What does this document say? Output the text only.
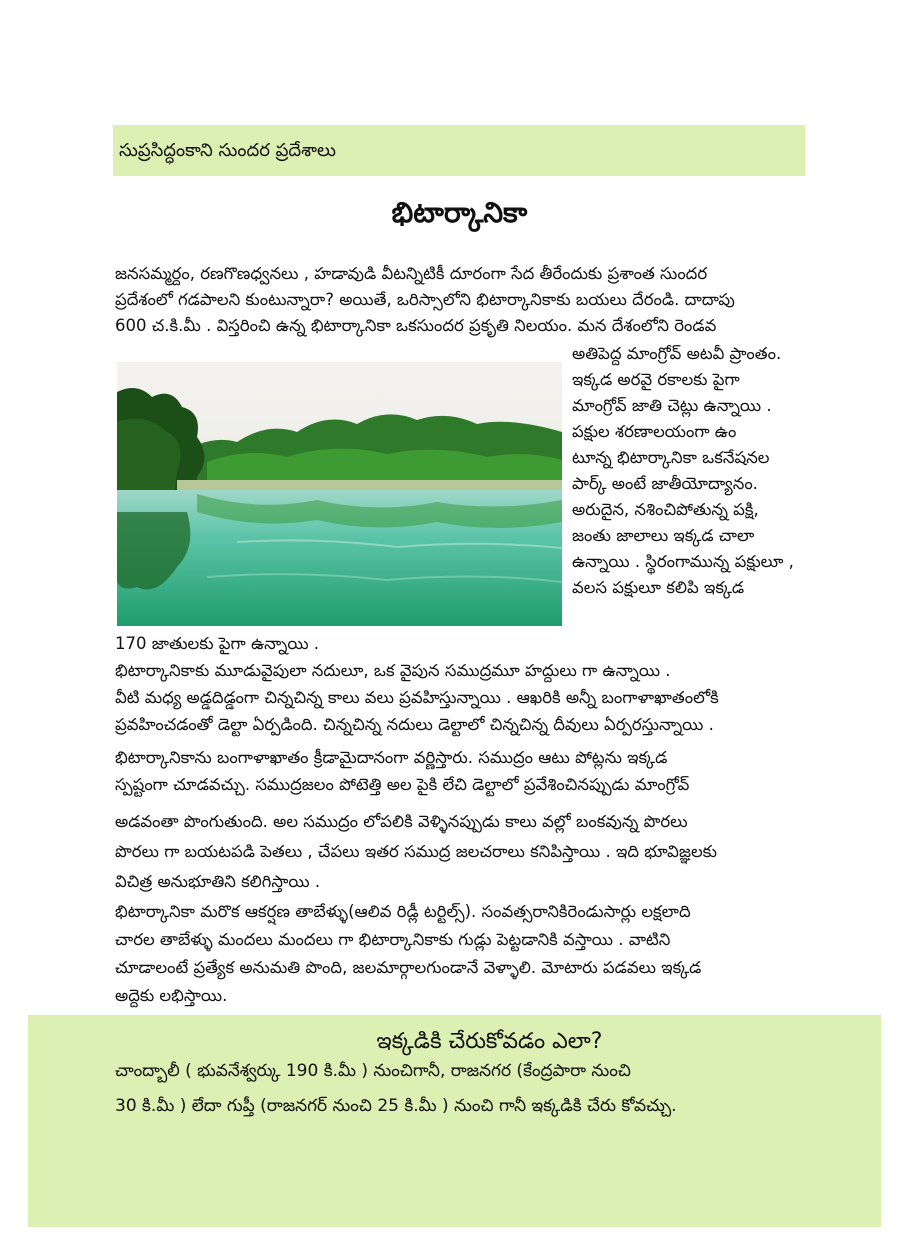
సుప్రసిద్ధంకాని సుందర ప్రదేశాలు
భిటార్కానికా
జనసమ్మర్దం, రణగొణధ్వనలు , హడావుడి వీటన్నిటికీ దూరంగా సేద తీరేందుకు ప్రశాంత సుందర
ప్రదేశంలో గడపాలని కుంటున్నారా? అయితే, ఒరిస్సాలోని భిటార్కానికాకు బయలు దేరండి. దాదాపు
600 చ.కి.మీ . విస్తరించి ఉన్న భిటార్కానికా ఒకసుందర ప్రకృతి నిలయం. మన దేశంలోని రెండవ
అతిపెద్ద మాంగ్రోవ్ అటవీ ప్రాంతం.
ఇక్కడ అరవై రకాలకు పైగా
మాంగ్రోవ్ జాతి చెట్లు ఉన్నాయి .
పక్షుల శరణాలయంగా ఉం
టూన్న భిటార్కానికా ఒకనేషనల
పార్క్ అంటే జాతీయోద్యానం.
అరుదైన, నశించిపోతున్న పక్షి,
జంతు జాలాలు ఇక్కడ చాలా
ఉన్నాయి . స్థిరంగామున్న పక్షులూ ,
వలస పక్షులూ కలిపి ఇక్కడ
170 జాతులకు పైగా ఉన్నాయి .
భిటార్కానికాకు మూడువైపులా నదులూ, ఒక వైపున సముద్రమూ హద్దులు గా ఉన్నాయి .
వీటి మధ్య అడ్డదిడ్డంగా చిన్నచిన్న కాలు వలు ప్రవహిస్తున్నాయి . ఆఖరికి అన్నీ బంగాళాఖాతంలోకి
ప్రవహించడంతో డెల్టా ఏర్పడింది. చిన్నచిన్న నదులు డెల్టాలో చిన్నచిన్న దీవులు ఏర్పరస్తున్నాయి .
భిటార్కానికాను బంగాళాఖాతం క్రీడామైదానంగా వర్ణిస్తారు. సముద్రం ఆటు పోట్లను ఇక్కడ
స్పష్టంగా చూడవచ్చు. సముద్రజలం పోటెత్తి అల పైకి లేచి డెల్టాలో ప్రవేశించినప్పుడు మాంగ్రోవ్
అడవంతా పొంగుతుంది. అల సముద్రం లోపలికి వెళ్ళినప్పుడు కాలు వల్లో బంకవున్న పొరలు
పొరలు గా బయటపడి పెతలు , చేపలు ఇతర సముద్ర జలచరాలు కనిపిస్తాయి . ఇది భూవిజ్ఞలకు
విచిత్ర అనుభూతిని కలిగిస్తాయి .
భిటార్కానికా మరొక ఆకర్షణ తాబేళ్ళు(ఆలివ రిడ్లీ టర్టిల్స్). సంవత్సరానికిరెండుసార్లు లక్షలాది
చారల తాబేళ్ళు మందలు మందలు గా భిటార్కానికాకు గుడ్లు పెట్టడానికి వస్తాయి . వాటిని
చూడాలంటే ప్రత్యేక అనుమతి పొంది, జలమార్గాలగుండానే వెళ్ళాలి. మోటారు పడవలు ఇక్కడ
అద్దెకు లభిస్తాయి.
ఇక్కడికి చేరుకోవడం ఎలా?
చాంద్బాలీ ( భువనేశ్వర్కు 190 కి.మీ ) నుంచిగానీ, రాజనగర (కేంద్రపారా నుంచి
30 కి.మీ ) లేదా గుప్తీ (రాజనగర్ నుంచి 25 కి.మీ ) నుంచి గానీ ఇక్కడికి చేరు కోవచ్చు.
